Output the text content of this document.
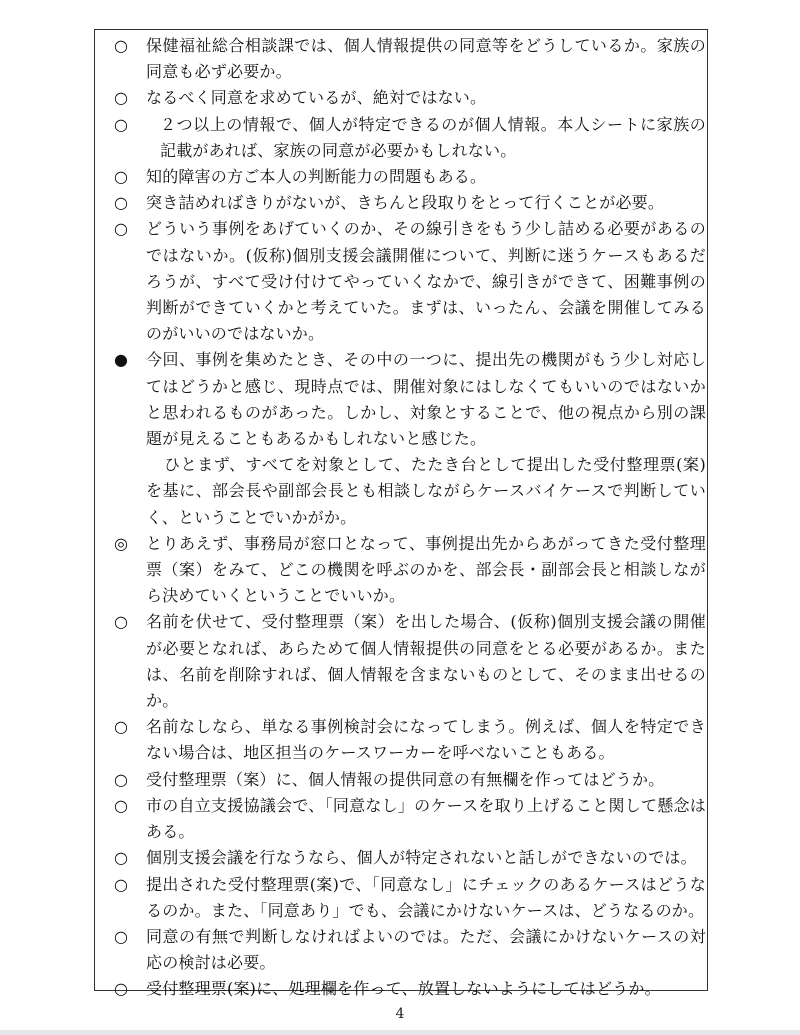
○	保健福祉総合相談課では、個人情報提供の同意等をどうしているか。家族の同意も必ず必要か。
○	なるべく同意を求めているが、絶対ではない。
○	２つ以上の情報で、個人が特定できるのが個人情報。本人シートに家族の記載があれば、家族の同意が必要かもしれない。
○	知的障害の方ご本人の判断能力の問題もある。
○	突き詰めればきりがないが、きちんと段取りをとって行くことが必要。
○	どういう事例をあげていくのか、その線引きをもう少し詰める必要があるのではないか。(仮称)個別支援会議開催について、判断に迷うケースもあるだろうが、すべて受け付けてやっていくなかで、線引きができて、困難事例の判断ができていくかと考えていた。まずは、いったん、会議を開催してみるのがいいのではないか。
●	今回、事例を集めたとき、その中の一つに、提出先の機関がもう少し対応してはどうかと感じ、現時点では、開催対象にはしなくてもいいのではないかと思われるものがあった。しかし、対象とすることで、他の視点から別の課題が見えることもあるかもしれないと感じた。
ひとまず、すべてを対象として、たたき台として提出した受付整理票(案)を基に、部会長や副部会長とも相談しながらケースバイケースで判断していく、ということでいかがか。
◎	とりあえず、事務局が窓口となって、事例提出先からあがってきた受付整理票（案）をみて、どこの機関を呼ぶのかを、部会長・副部会長と相談しながら決めていくということでいいか。
○	名前を伏せて、受付整理票（案）を出した場合、(仮称)個別支援会議の開催が必要となれば、あらためて個人情報提供の同意をとる必要があるか。または、名前を削除すれば、個人情報を含まないものとして、そのまま出せるのか。
○	名前なしなら、単なる事例検討会になってしまう。例えば、個人を特定できない場合は、地区担当のケースワーカーを呼べないこともある。
○	受付整理票（案）に、個人情報の提供同意の有無欄を作ってはどうか。
○	市の自立支援協議会で、「同意なし」のケースを取り上げること関して懸念はある。
○	個別支援会議を行なうなら、個人が特定されないと話しができないのでは。
○	提出された受付整理票(案)で、「同意なし」にチェックのあるケースはどうなるのか。また、「同意あり」でも、会議にかけないケースは、どうなるのか。
○	同意の有無で判断しなければよいのでは。ただ、会議にかけないケースの対応の検討は必要。
○	受付整理票(案)に、処理欄を作って、放置しないようにしてはどうか。
4
